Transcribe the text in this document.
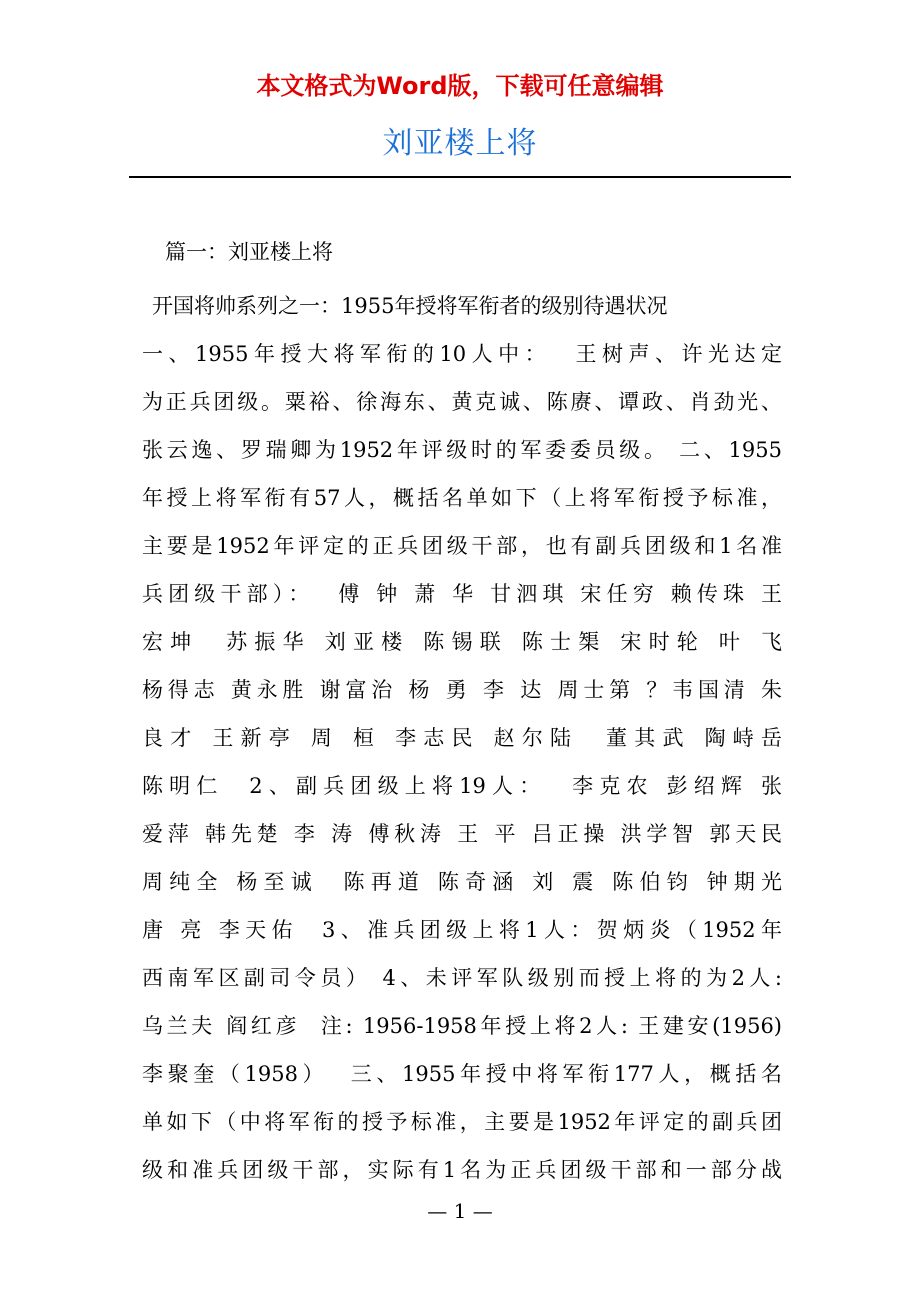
本文格式为Word版，下载可任意编辑
刘亚楼上将
篇一：刘亚楼上将
开国将帅系列之一：1955年授将军衔者的级别待遇状况
一、1955年授大将军衔的10人中：  王树声、许光达定
为正兵团级。粟裕、徐海东、黄克诚、陈赓、谭政、肖劲光、
张云逸、罗瑞卿为1952年评级时的军委委员级。 二、1955
年授上将军衔有57人，概括名单如下（上将军衔授予标准，
主要是1952年评定的正兵团级干部，也有副兵团级和1名准
兵团级干部）：  傅 钟 萧 华 甘泗琪 宋任穷 赖传珠 王
宏坤  苏振华 刘亚楼 陈锡联 陈士榘 宋时轮 叶 飞
杨得志 黄永胜 谢富治 杨 勇 李 达 周士第 ？韦国清 朱
良才 王新亭 周 桓 李志民 赵尔陆  董其武 陶峙岳
陈明仁  2、副兵团级上将19人：  李克农 彭绍辉 张
爱萍 韩先楚 李 涛 傅秋涛 王 平 吕正操 洪学智 郭天民
周纯全 杨至诚  陈再道 陈奇涵 刘 震 陈伯钧 钟期光
唐 亮 李天佑  3、准兵团级上将1人：贺炳炎（1952年
西南军区副司令员） 4、未评军队级别而授上将的为2人:
乌兰夫 阎红彦  注: 1956-1958年授上将2人: 王建安(1956)
李聚奎（1958）  三、1955年授中将军衔177人，概括名
单如下（中将军衔的授予标准，主要是1952年评定的副兵团
级和准兵团级干部，实际有1名为正兵团级干部和一部分战
— 1 —
